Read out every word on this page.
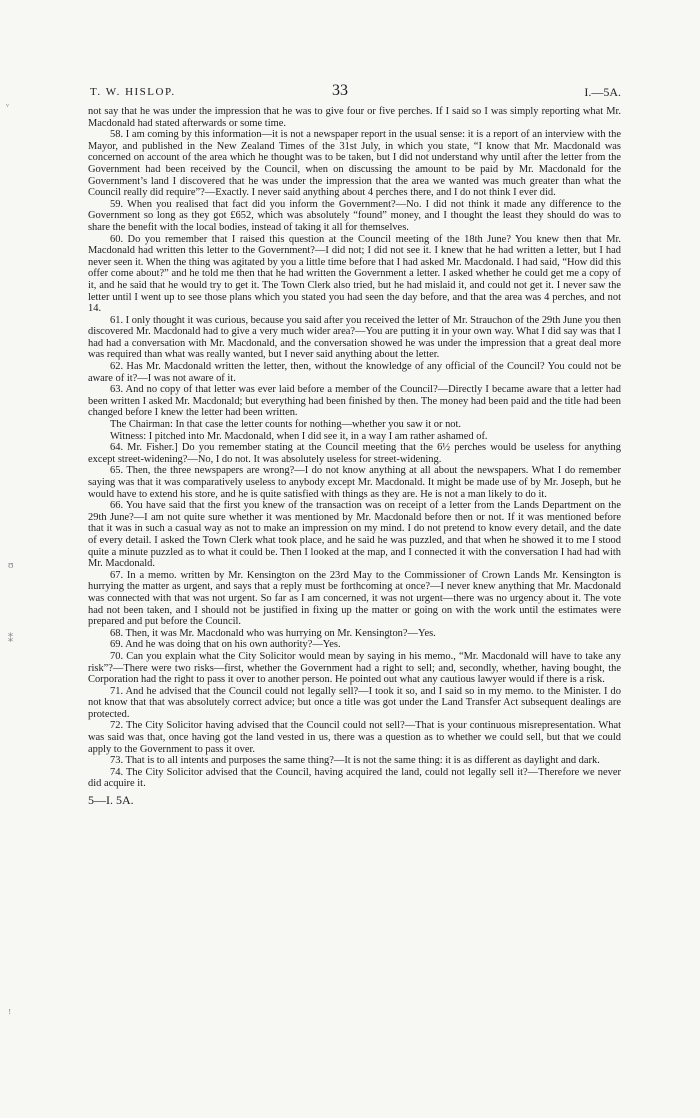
ᵥ
ʊ
⁑
ꜝ
T. W. HISLOP.	33	I.—5A.

not say that he was under the impression that he was to give four or five perches. If I said so I was simply reporting what Mr. Macdonald had stated afterwards or some time.

58. I am coming by this information—it is not a newspaper report in the usual sense: it is a report of an interview with the Mayor, and published in the New Zealand Times of the 31st July, in which you state, “I know that Mr. Macdonald was concerned on account of the area which he thought was to be taken, but I did not understand why until after the letter from the Government had been received by the Council, when on discussing the amount to be paid by Mr. Macdonald for the Government’s land I discovered that he was under the impression that the area we wanted was much greater than what the Council really did require”?—Exactly. I never said anything about 4 perches there, and I do not think I ever did.

59. When you realised that fact did you inform the Government?—No. I did not think it made any difference to the Government so long as they got £652, which was absolutely “found” money, and I thought the least they should do was to share the benefit with the local bodies, instead of taking it all for themselves.

60. Do you remember that I raised this question at the Council meeting of the 18th June? You knew then that Mr. Macdonald had written this letter to the Government?—I did not; I did not see it. I knew that he had written a letter, but I had never seen it. When the thing was agitated by you a little time before that I had asked Mr. Macdonald. I had said, “How did this offer come about?” and he told me then that he had written the Government a letter. I asked whether he could get me a copy of it, and he said that he would try to get it. The Town Clerk also tried, but he had mislaid it, and could not get it. I never saw the letter until I went up to see those plans which you stated you had seen the day before, and that the area was 4 perches, and not 14.

61. I only thought it was curious, because you said after you received the letter of Mr. Strauchon of the 29th June you then discovered Mr. Macdonald had to give a very much wider area?—You are putting it in your own way. What I did say was that I had had a conversation with Mr. Macdonald, and the conversation showed he was under the impression that a great deal more was required than what was really wanted, but I never said anything about the letter.

62. Has Mr. Macdonald written the letter, then, without the knowledge of any official of the Council? You could not be aware of it?—I was not aware of it.

63. And no copy of that letter was ever laid before a member of the Council?—Directly I became aware that a letter had been written I asked Mr. Macdonald; but everything had been finished by then. The money had been paid and the title had been changed before I knew the letter had been written.

The Chairman: In that case the letter counts for nothing—whether you saw it or not.

Witness: I pitched into Mr. Macdonald, when I did see it, in a way I am rather ashamed of.

64. Mr. Fisher.] Do you remember stating at the Council meeting that the 6½ perches would be useless for anything except street-widening?—No, I do not. It was absolutely useless for street-widening.

65. Then, the three newspapers are wrong?—I do not know anything at all about the newspapers. What I do remember saying was that it was comparatively useless to anybody except Mr. Macdonald. It might be made use of by Mr. Joseph, but he would have to extend his store, and he is quite satisfied with things as they are. He is not a man likely to do it.

66. You have said that the first you knew of the transaction was on receipt of a letter from the Lands Department on the 29th June?—I am not quite sure whether it was mentioned by Mr. Macdonald before then or not. If it was mentioned before that it was in such a casual way as not to make an impression on my mind. I do not pretend to know every detail, and the date of every detail. I asked the Town Clerk what took place, and he said he was puzzled, and that when he showed it to me I stood quite a minute puzzled as to what it could be. Then I looked at the map, and I connected it with the conversation I had had with Mr. Macdonald.

67. In a memo. written by Mr. Kensington on the 23rd May to the Commissioner of Crown Lands Mr. Kensington is hurrying the matter as urgent, and says that a reply must be forthcoming at once?—I never knew anything that Mr. Macdonald was connected with that was not urgent. So far as I am concerned, it was not urgent—there was no urgency about it. The vote had not been taken, and I should not be justified in fixing up the matter or going on with the work until the estimates were prepared and put before the Council.

68. Then, it was Mr. Macdonald who was hurrying on Mr. Kensington?—Yes.

69. And he was doing that on his own authority?—Yes.

70. Can you explain what the City Solicitor would mean by saying in his memo., “Mr. Macdonald will have to take any risk”?—There were two risks—first, whether the Government had a right to sell; and, secondly, whether, having bought, the Corporation had the right to pass it over to another person. He pointed out what any cautious lawyer would if there is a risk.

71. And he advised that the Council could not legally sell?—I took it so, and I said so in my memo. to the Minister. I do not know that that was absolutely correct advice; but once a title was got under the Land Transfer Act subsequent dealings are protected.

72. The City Solicitor having advised that the Council could not sell?—That is your continuous misrepresentation. What was said was that, once having got the land vested in us, there was a question as to whether we could sell, but that we could apply to the Government to pass it over.

73. That is to all intents and purposes the same thing?—It is not the same thing: it is as different as daylight and dark.

74. The City Solicitor advised that the Council, having acquired the land, could not legally sell it?—Therefore we never did acquire it.

5—I. 5A.
